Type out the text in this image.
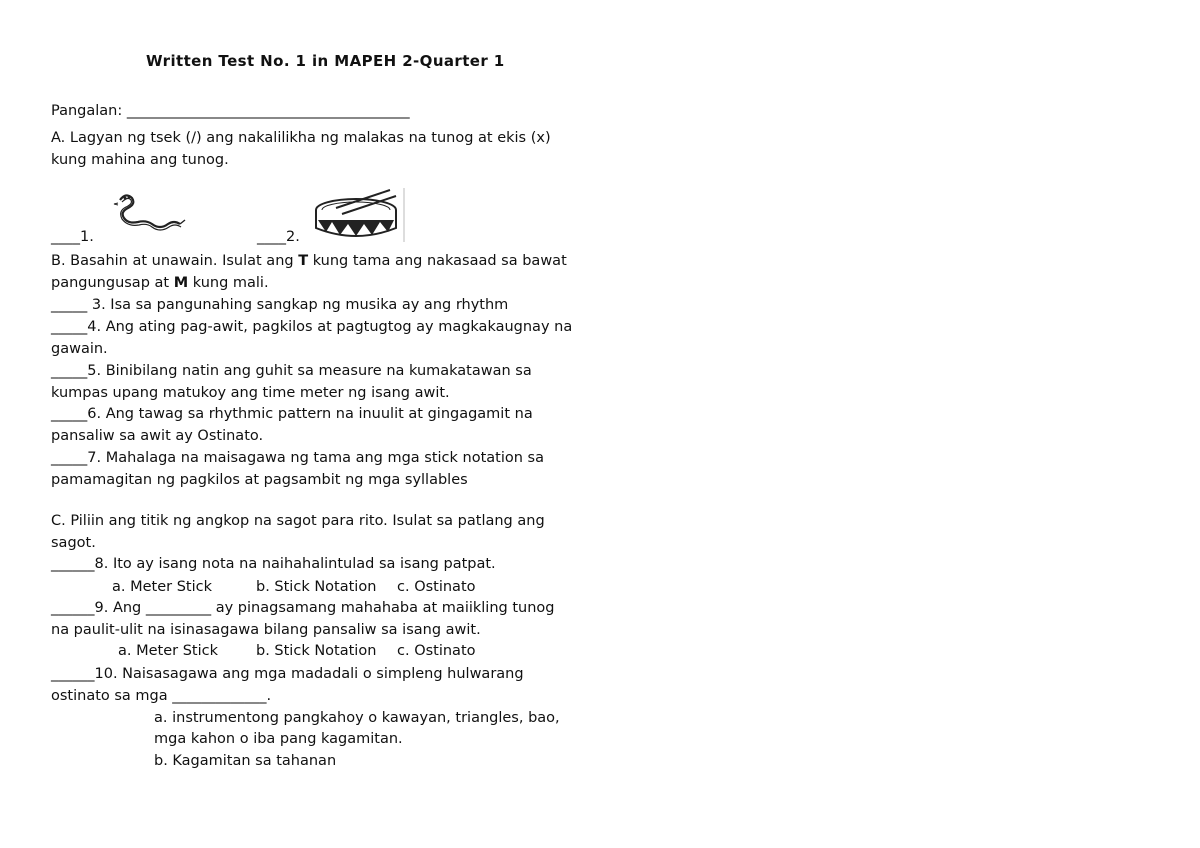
Written Test No. 1 in MAPEH 2-Quarter 1
Pangalan: _______________________________________
A. Lagyan ng tsek (/) ang nakalilikha ng malakas na tunog at ekis (x)
kung mahina ang tunog.
____1.	____2.
B. Basahin at unawain. Isulat ang T kung tama ang nakasaad sa bawat
pangungusap at M kung mali.
_____ 3. Isa sa pangunahing sangkap ng musika ay ang rhythm
_____4. Ang ating pag-awit, pagkilos at pagtugtog ay magkakaugnay na
gawain.
_____5. Binibilang natin ang guhit sa measure na kumakatawan sa
kumpas upang matukoy ang time meter ng isang awit.
_____6. Ang tawag sa rhythmic pattern na inuulit at gingagamit na
pansaliw sa awit ay Ostinato.
_____7. Mahalaga na maisagawa ng tama ang mga stick notation sa
pamamagitan ng pagkilos at pagsambit ng mga syllables
C. Piliin ang titik ng angkop na sagot para rito. Isulat sa patlang ang
sagot.
______8. Ito ay isang nota na naihahalintulad sa isang patpat.
a. Meter Stick	b. Stick Notation c. Ostinato
______9. Ang _________ ay pinagsamang mahahaba at maiikling tunog
na paulit-ulit na isinasagawa bilang pansaliw sa isang awit.
a. Meter Stick	b. Stick Notation c. Ostinato
______10. Naisasagawa ang mga madadali o simpleng hulwarang
ostinato sa mga _____________.
a. instrumentong pangkahoy o kawayan, triangles, bao,
mga kahon o iba pang kagamitan.
b. Kagamitan sa tahanan
